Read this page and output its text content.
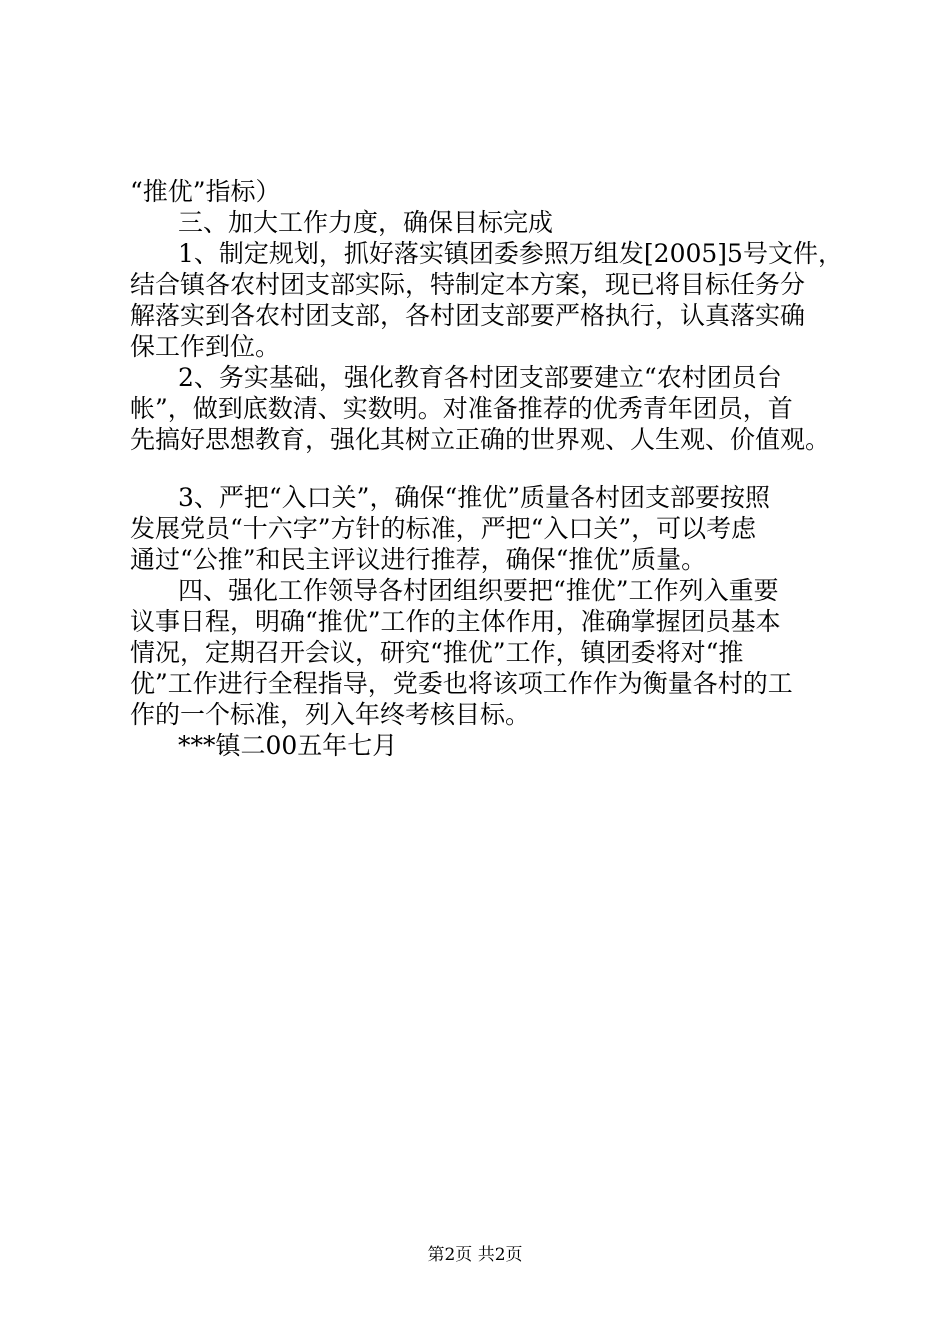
“推优”指标）
三、加大工作力度，确保目标完成
1、制定规划，抓好落实镇团委参照万组发[2005]5号文件，
结合镇各农村团支部实际，特制定本方案，现已将目标任务分
解落实到各农村团支部，各村团支部要严格执行，认真落实确
保工作到位。
2、务实基础，强化教育各村团支部要建立“农村团员台
帐”，做到底数清、实数明。对准备推荐的优秀青年团员，首
先搞好思想教育，强化其树立正确的世界观、人生观、价值观。
3、严把“入口关”，确保“推优”质量各村团支部要按照
发展党员“十六字”方针的标准，严把“入口关”，可以考虑
通过“公推”和民主评议进行推荐，确保“推优”质量。
四、强化工作领导各村团组织要把“推优”工作列入重要
议事日程，明确“推优”工作的主体作用，准确掌握团员基本
情况，定期召开会议，研究“推优”工作，镇团委将对“推
优”工作进行全程指导，党委也将该项工作作为衡量各村的工
作的一个标准，列入年终考核目标。
***镇二00五年七月
第2页 共2页
